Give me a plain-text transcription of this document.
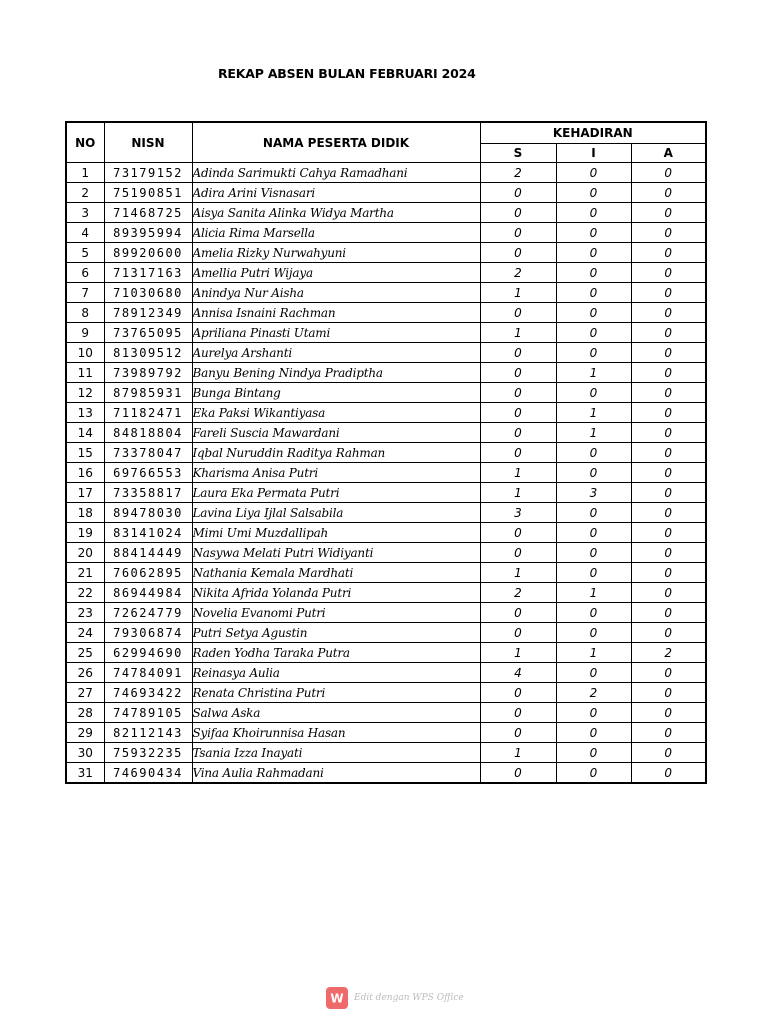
REKAP ABSEN BULAN FEBRUARI 2024
NO	NISN	NAMA PESERTA DIDIK	KEHADIRAN		
			S	I	A
1	73179152	Adinda Sarimukti Cahya Ramadhani	2	0	0
2	75190851	Adira Arini Visnasari	0	0	0
3	71468725	Aisya Sanita Alinka Widya Martha	0	0	0
4	89395994	Alicia Rima Marsella	0	0	0
5	89920600	Amelia Rizky Nurwahyuni	0	0	0
6	71317163	Amellia Putri Wijaya	2	0	0
7	71030680	Anindya Nur Aisha	1	0	0
8	78912349	Annisa Isnaini Rachman	0	0	0
9	73765095	Apriliana Pinasti Utami	1	0	0
10	81309512	Aurelya Arshanti	0	0	0
11	73989792	Banyu Bening Nindya Pradiptha	0	1	0
12	87985931	Bunga Bintang	0	0	0
13	71182471	Eka Paksi Wikantiyasa	0	1	0
14	84818804	Fareli Suscia Mawardani	0	1	0
15	73378047	Iqbal Nuruddin Raditya Rahman	0	0	0
16	69766553	Kharisma Anisa Putri	1	0	0
17	73358817	Laura Eka Permata Putri	1	3	0
18	89478030	Lavina Liya Ijlal Salsabila	3	0	0
19	83141024	Mimi Umi Muzdallipah	0	0	0
20	88414449	Nasywa Melati Putri Widiyanti	0	0	0
21	76062895	Nathania Kemala Mardhati	1	0	0
22	86944984	Nikita Afrida Yolanda Putri	2	1	0
23	72624779	Novelia Evanomi Putri	0	0	0
24	79306874	Putri Setya Agustin	0	0	0
25	62994690	Raden Yodha Taraka Putra	1	1	2
26	74784091	Reinasya Aulia	4	0	0
27	74693422	Renata Christina Putri	0	2	0
28	74789105	Salwa Aska	0	0	0
29	82112143	Syifaa Khoirunnisa Hasan	0	0	0
30	75932235	Tsania Izza Inayati	1	0	0
31	74690434	Vina Aulia Rahmadani	0	0	0
W Edit dengan WPS Office
